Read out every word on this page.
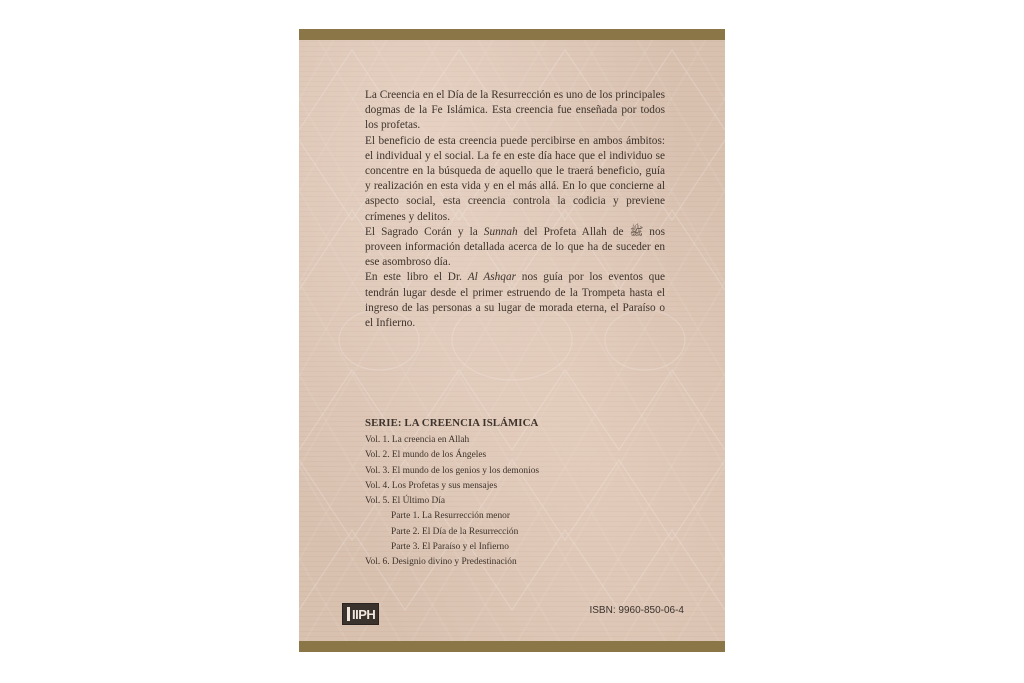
La Creencia en el Día de la Resurrección es uno de los principales dogmas de la Fe Islámica. Esta creencia fue enseñada por todos los profetas.

El beneficio de esta creencia puede percibirse en ambos ámbitos: el individual y el social. La fe en este día hace que el individuo se concentre en la búsqueda de aquello que le traerá beneficio, guía y realización en esta vida y en el más allá. En lo que concierne al aspecto social, esta creencia controla la codicia y previene crímenes y delitos.

El Sagrado Corán y la Sunnah del Profeta Allah de ﷺ nos proveen información detallada acerca de lo que ha de suceder en ese asombroso día.

En este libro el Dr. Al Ashqar nos guía por los eventos que tendrán lugar desde el primer estruendo de la Trompeta hasta el ingreso de las personas a su lugar de morada eterna, el Paraíso o el Infierno.

SERIE: LA CREENCIA ISLÁMICA
Vol. 1. La creencia en Allah
Vol. 2. El mundo de los Ángeles
Vol. 3. El mundo de los genios y los demonios
Vol. 4. Los Profetas y sus mensajes
Vol. 5. El Último Día
Parte 1. La Resurrección menor
Parte 2. El Día de la Resurrección
Parte 3. El Paraíso y el Infierno
Vol. 6. Designio divino y Predestinación
IIPH	ISBN: 9960-850-06-4
